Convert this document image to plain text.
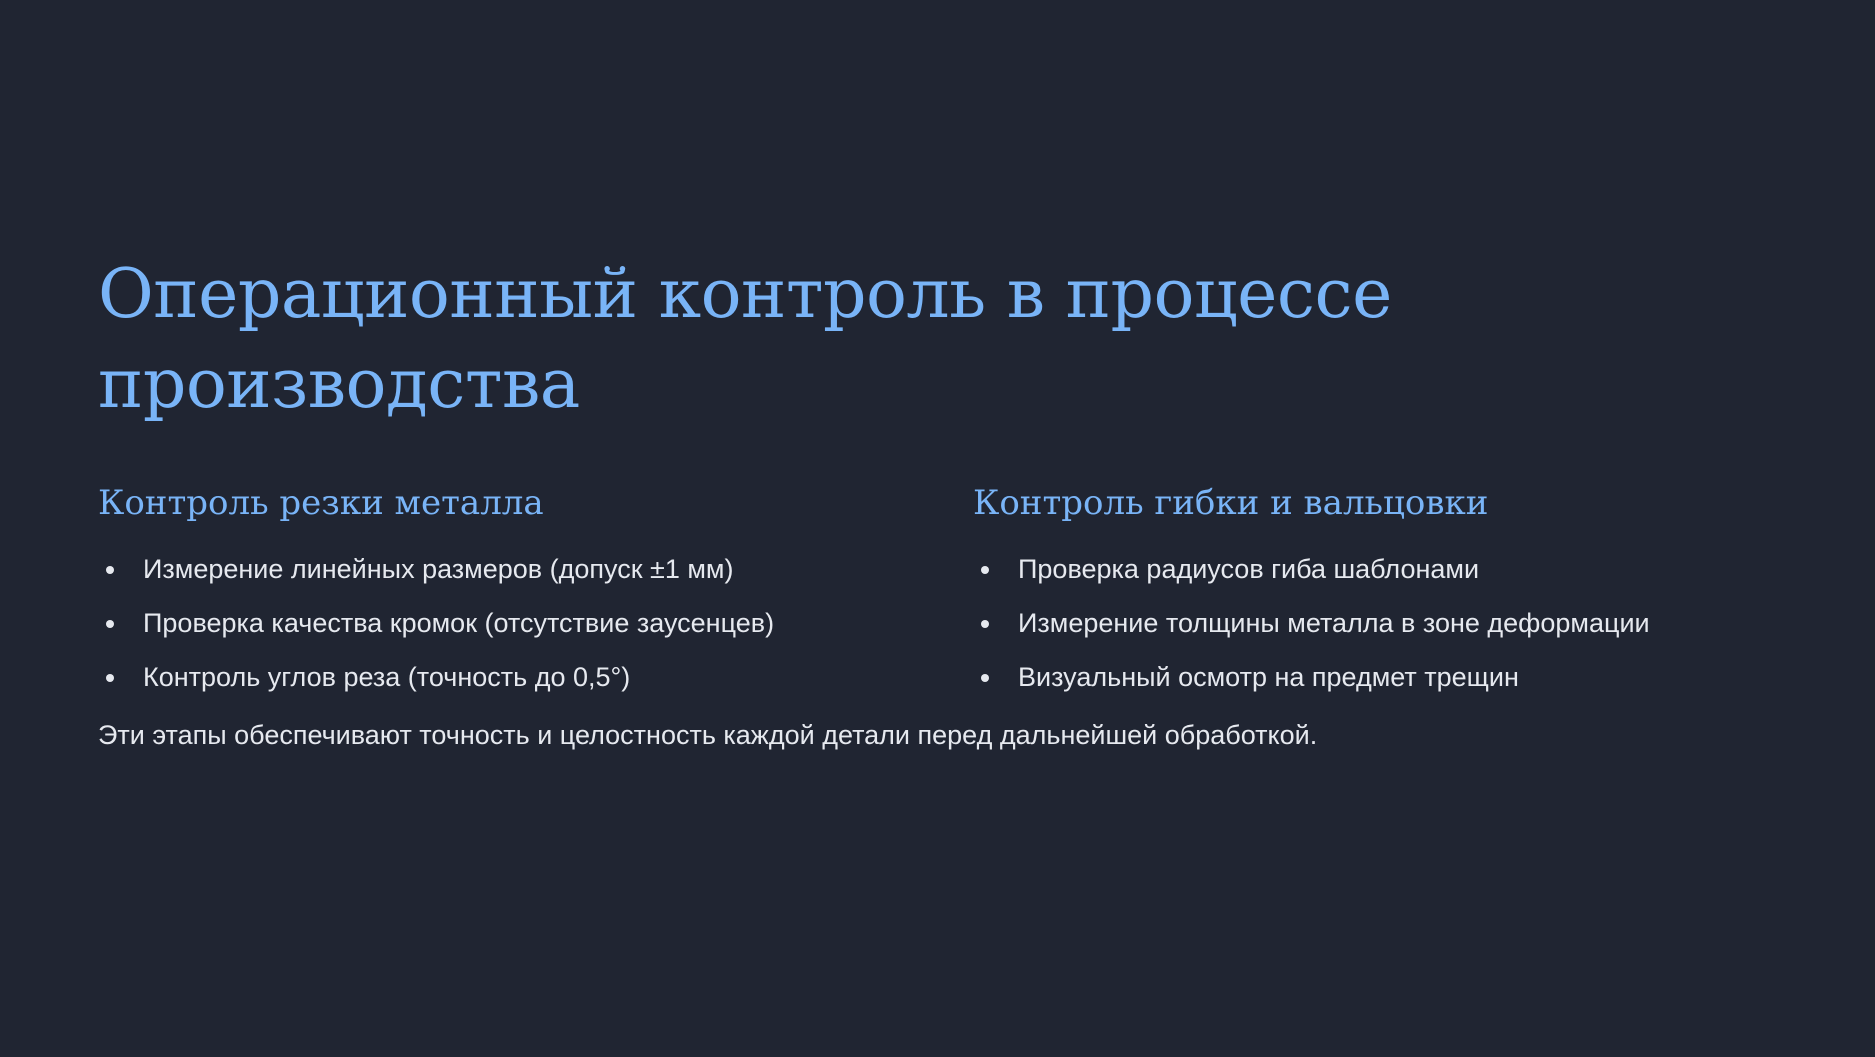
Операционный контроль в процессе производства
Контроль резки металла
Измерение линейных размеров (допуск ±1 мм)
Проверка качества кромок (отсутствие заусенцев)
Контроль углов реза (точность до 0,5°)
Контроль гибки и вальцовки
Проверка радиусов гиба шаблонами
Измерение толщины металла в зоне деформации
Визуальный осмотр на предмет трещин

Эти этапы обеспечивают точность и целостность каждой детали перед дальнейшей обработкой.
